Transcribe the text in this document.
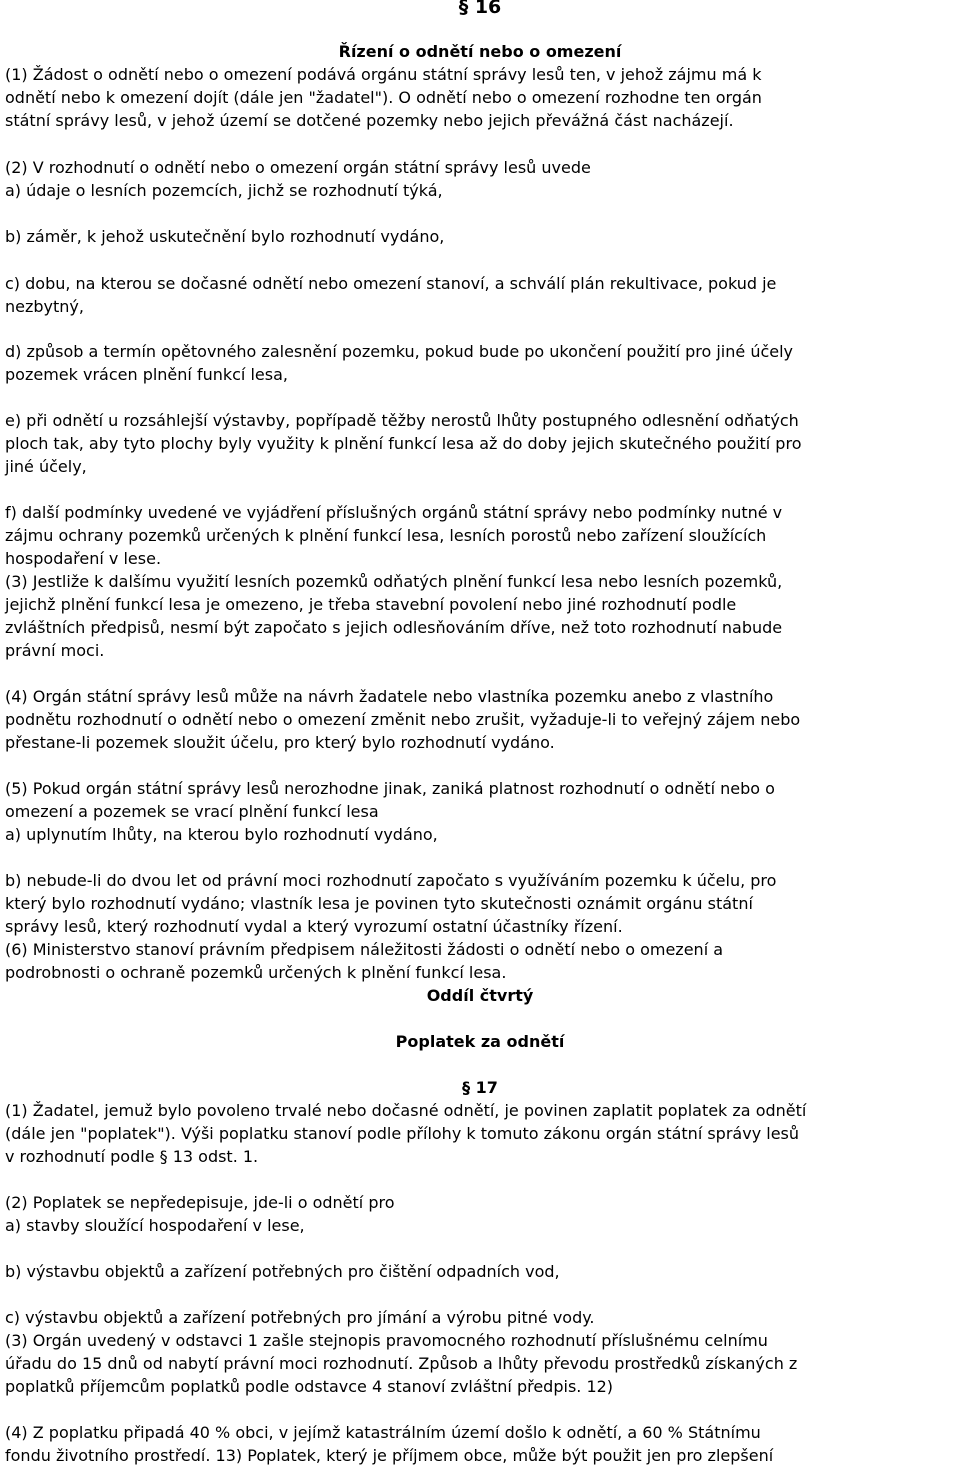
§ 16
Řízení o odnětí nebo o omezení
(1) Žádost o odnětí nebo o omezení podává orgánu státní správy lesů ten, v jehož zájmu má k
odnětí nebo k omezení dojít (dále jen "žadatel"). O odnětí nebo o omezení rozhodne ten orgán
státní správy lesů, v jehož území se dotčené pozemky nebo jejich převážná část nacházejí.
(2) V rozhodnutí o odnětí nebo o omezení orgán státní správy lesů uvede
a) údaje o lesních pozemcích, jichž se rozhodnutí týká,
b) záměr, k jehož uskutečnění bylo rozhodnutí vydáno,
c) dobu, na kterou se dočasné odnětí nebo omezení stanoví, a schválí plán rekultivace, pokud je
nezbytný,
d) způsob a termín opětovného zalesnění pozemku, pokud bude po ukončení použití pro jiné účely
pozemek vrácen plnění funkcí lesa,
e) při odnětí u rozsáhlejší výstavby, popřípadě těžby nerostů lhůty postupného odlesnění odňatých
ploch tak, aby tyto plochy byly využity k plnění funkcí lesa až do doby jejich skutečného použití pro
jiné účely,
f) další podmínky uvedené ve vyjádření příslušných orgánů státní správy nebo podmínky nutné v
zájmu ochrany pozemků určených k plnění funkcí lesa, lesních porostů nebo zařízení sloužících
hospodaření v lese.
(3) Jestliže k dalšímu využití lesních pozemků odňatých plnění funkcí lesa nebo lesních pozemků,
jejichž plnění funkcí lesa je omezeno, je třeba stavební povolení nebo jiné rozhodnutí podle
zvláštních předpisů, nesmí být započato s jejich odlesňováním dříve, než toto rozhodnutí nabude
právní moci.
(4) Orgán státní správy lesů může na návrh žadatele nebo vlastníka pozemku anebo z vlastního
podnětu rozhodnutí o odnětí nebo o omezení změnit nebo zrušit, vyžaduje-li to veřejný zájem nebo
přestane-li pozemek sloužit účelu, pro který bylo rozhodnutí vydáno.
(5) Pokud orgán státní správy lesů nerozhodne jinak, zaniká platnost rozhodnutí o odnětí nebo o
omezení a pozemek se vrací plnění funkcí lesa
a) uplynutím lhůty, na kterou bylo rozhodnutí vydáno,
b) nebude-li do dvou let od právní moci rozhodnutí započato s využíváním pozemku k účelu, pro
který bylo rozhodnutí vydáno; vlastník lesa je povinen tyto skutečnosti oznámit orgánu státní
správy lesů, který rozhodnutí vydal a který vyrozumí ostatní účastníky řízení.
(6) Ministerstvo stanoví právním předpisem náležitosti žádosti o odnětí nebo o omezení a
podrobnosti o ochraně pozemků určených k plnění funkcí lesa.
Oddíl čtvrtý
Poplatek za odnětí
§ 17
(1) Žadatel, jemuž bylo povoleno trvalé nebo dočasné odnětí, je povinen zaplatit poplatek za odnětí
(dále jen "poplatek"). Výši poplatku stanoví podle přílohy k tomuto zákonu orgán státní správy lesů
v rozhodnutí podle § 13 odst. 1.
(2) Poplatek se nepředepisuje, jde-li o odnětí pro
a) stavby sloužící hospodaření v lese,
b) výstavbu objektů a zařízení potřebných pro čištění odpadních vod,
c) výstavbu objektů a zařízení potřebných pro jímání a výrobu pitné vody.
(3) Orgán uvedený v odstavci 1 zašle stejnopis pravomocného rozhodnutí příslušnému celnímu
úřadu do 15 dnů od nabytí právní moci rozhodnutí. Způsob a lhůty převodu prostředků získaných z
poplatků příjemcům poplatků podle odstavce 4 stanoví zvláštní předpis. 12)
(4) Z poplatku připadá 40 % obci, v jejímž katastrálním území došlo k odnětí, a 60 % Státnímu
fondu životního prostředí. 13) Poplatek, který je příjmem obce, může být použit jen pro zlepšení
